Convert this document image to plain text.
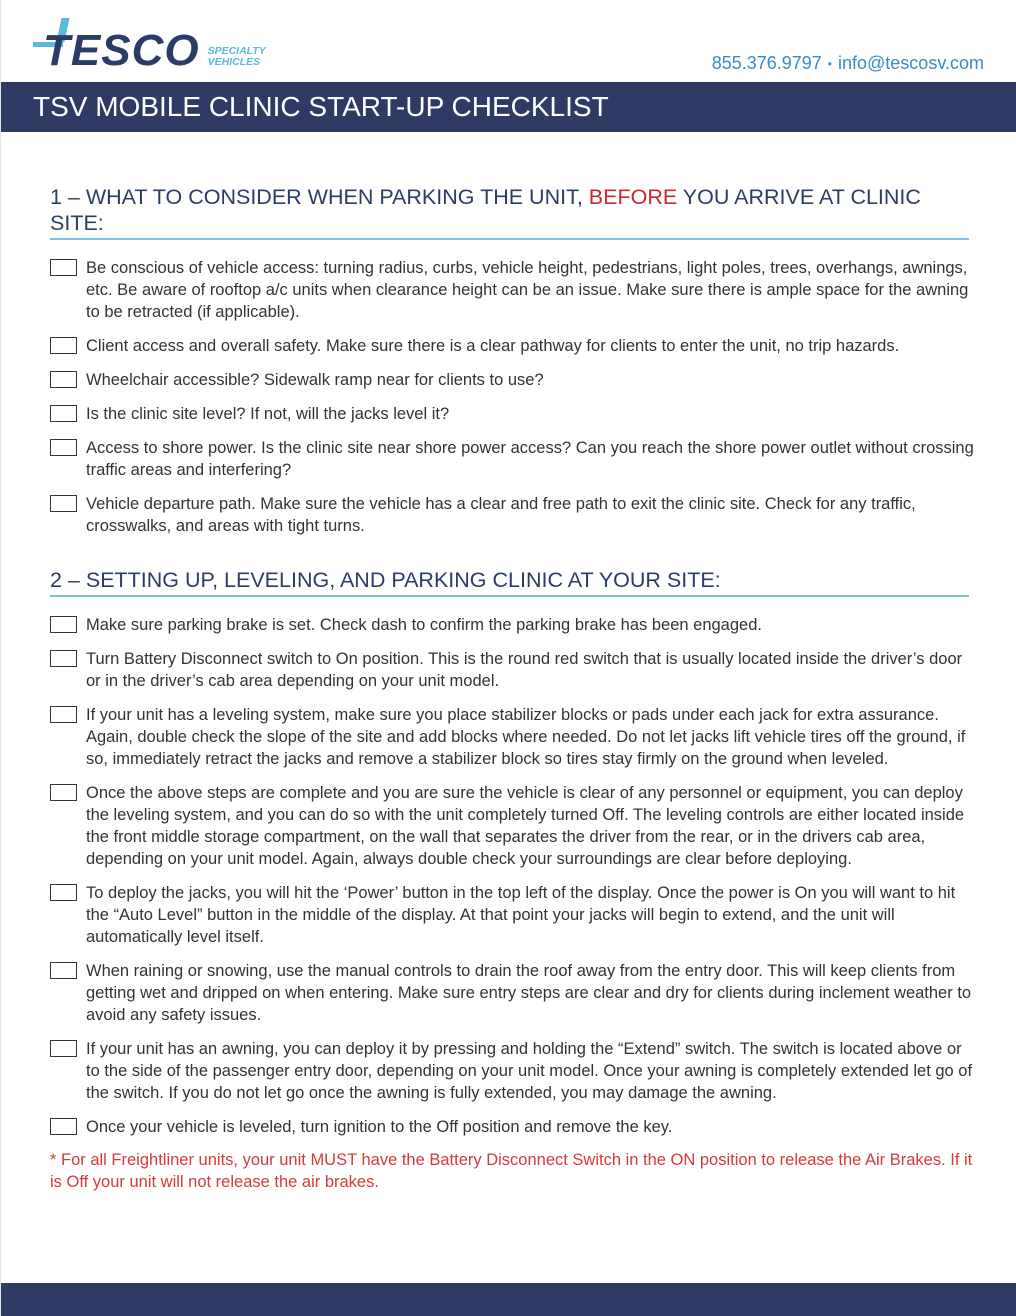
TESCO SPECIALTY
VEHICLES	855.376.9797 • info@tescosv.com
TSV MOBILE CLINIC START-UP CHECKLIST
1 – WHAT TO CONSIDER WHEN PARKING THE UNIT, BEFORE YOU ARRIVE AT CLINIC SITE:
Be conscious of vehicle access: turning radius, curbs, vehicle height, pedestrians, light poles, trees, overhangs, awnings, etc. Be aware of rooftop a/c units when clearance height can be an issue. Make sure there is ample space for the awning to be retracted (if applicable).
Client access and overall safety. Make sure there is a clear pathway for clients to enter the unit, no trip hazards.
Wheelchair accessible? Sidewalk ramp near for clients to use?
Is the clinic site level? If not, will the jacks level it?
Access to shore power. Is the clinic site near shore power access? Can you reach the shore power outlet without crossing traffic areas and interfering?
Vehicle departure path. Make sure the vehicle has a clear and free path to exit the clinic site. Check for any traffic, crosswalks, and areas with tight turns.
2 – SETTING UP, LEVELING, AND PARKING CLINIC AT YOUR SITE:
Make sure parking brake is set. Check dash to confirm the parking brake has been engaged.
Turn Battery Disconnect switch to On position. This is the round red switch that is usually located inside the driver’s door or in the driver’s cab area depending on your unit model.
If your unit has a leveling system, make sure you place stabilizer blocks or pads under each jack for extra assurance. Again, double check the slope of the site and add blocks where needed. Do not let jacks lift vehicle tires off the ground, if so, immediately retract the jacks and remove a stabilizer block so tires stay firmly on the ground when leveled.
Once the above steps are complete and you are sure the vehicle is clear of any personnel or equipment, you can deploy the leveling system, and you can do so with the unit completely turned Off. The leveling controls are either located inside the front middle storage compartment, on the wall that separates the driver from the rear, or in the drivers cab area, depending on your unit model. Again, always double check your surroundings are clear before deploying.
To deploy the jacks, you will hit the ‘Power’ button in the top left of the display. Once the power is On you will want to hit the “Auto Level” button in the middle of the display. At that point your jacks will begin to extend, and the unit will automatically level itself.
When raining or snowing, use the manual controls to drain the roof away from the entry door. This will keep clients from getting wet and dripped on when entering. Make sure entry steps are clear and dry for clients during inclement weather to avoid any safety issues.
If your unit has an awning, you can deploy it by pressing and holding the “Extend” switch. The switch is located above or to the side of the passenger entry door, depending on your unit model. Once your awning is completely extended let go of the switch. If you do not let go once the awning is fully extended, you may damage the awning.
Once your vehicle is leveled, turn ignition to the Off position and remove the key.
* For all Freightliner units, your unit MUST have the Battery Disconnect Switch in the ON position to release the Air Brakes. If it is Off your unit will not release the air brakes.
